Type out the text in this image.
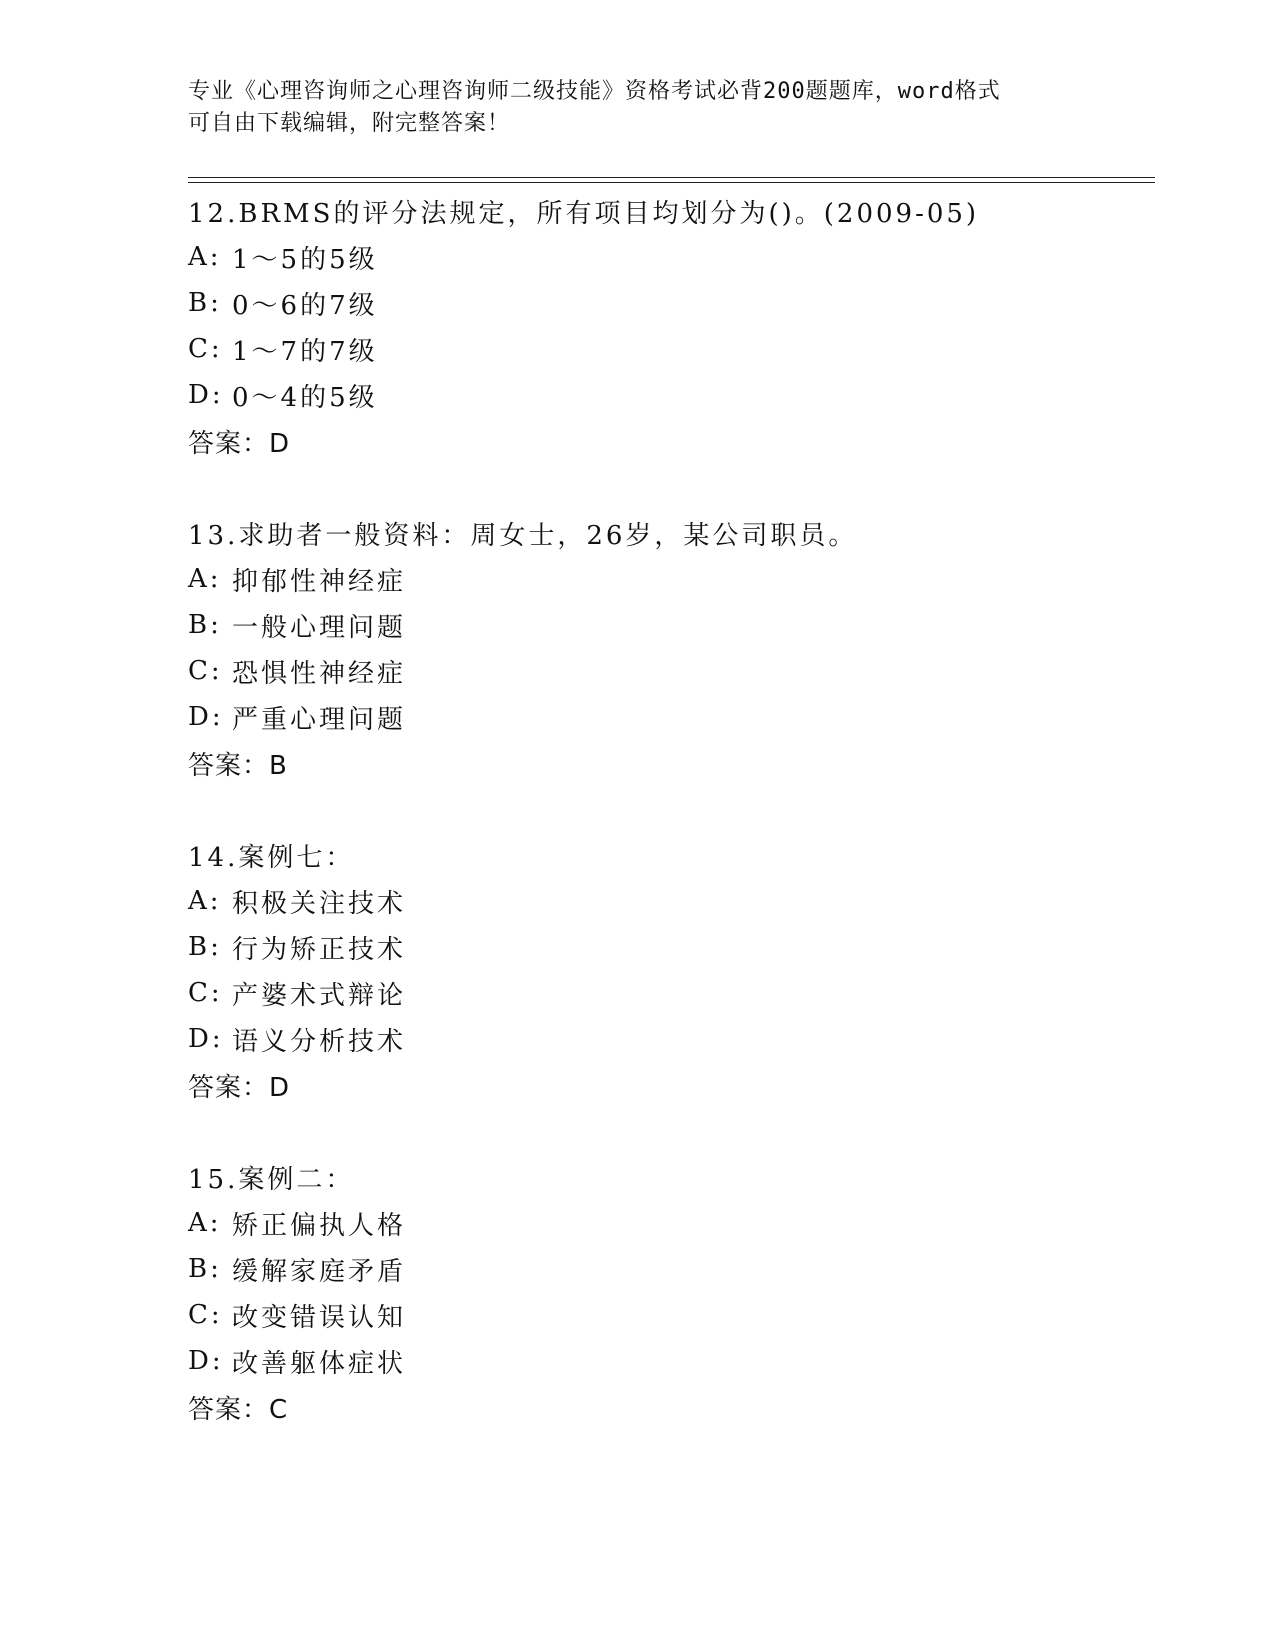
专业《心理咨询师之心理咨询师二级技能》资格考试必背200题题库，word格式
可自由下载编辑，附完整答案！
12.BRMS的评分法规定，所有项目均划分为()。(2009-05)
A: 1～5的5级
B: 0～6的7级
C: 1～7的7级
D: 0～4的5级
答案：D
13.求助者一般资料：周女士，26岁，某公司职员。
A: 抑郁性神经症
B: 一般心理问题
C: 恐惧性神经症
D: 严重心理问题
答案：B
14.案例七：
A: 积极关注技术
B: 行为矫正技术
C: 产婆术式辩论
D: 语义分析技术
答案：D
15.案例二：
A: 矫正偏执人格
B: 缓解家庭矛盾
C: 改变错误认知
D: 改善躯体症状
答案：C
